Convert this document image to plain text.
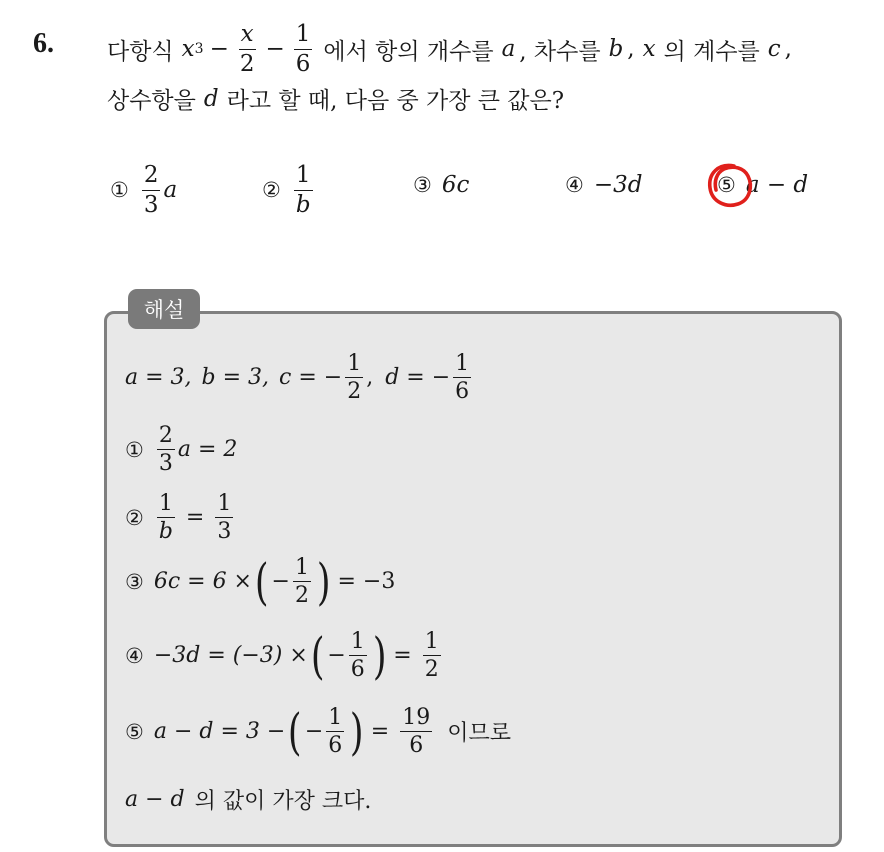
6. 다항식 x $3 - \frac{x}{2} - \frac{1}{6}$ 에서 항의 개수를 a , 차수를 b , x 의 계수를 c ,
상수항을 d 라고 할 때, 다음 중 가장 큰 값은?
① $\frac{2}{3}$ a	② $\frac{1}{b}$	③ 6c	④ −3d	⑤ a − d
a = 3, b = 3, c = − $\frac{1}{2}$ , d = − $\frac{1}{6}$
① $\frac{2}{3}$ a = 2
② $\frac{1}{b} = \frac{1}{3}$
③ 6c = 6 × ( − $\frac{1}{2}$ ) = −3
④ −3d = (−3) × ( − $\frac{1}{6}$ ) = $\frac{1}{2}$
⑤ a − d = 3 − ( − $\frac{1}{6}$ ) = $\frac{19}{6}$ 이므로
a − d 의 값이 가장 크다.
해설
